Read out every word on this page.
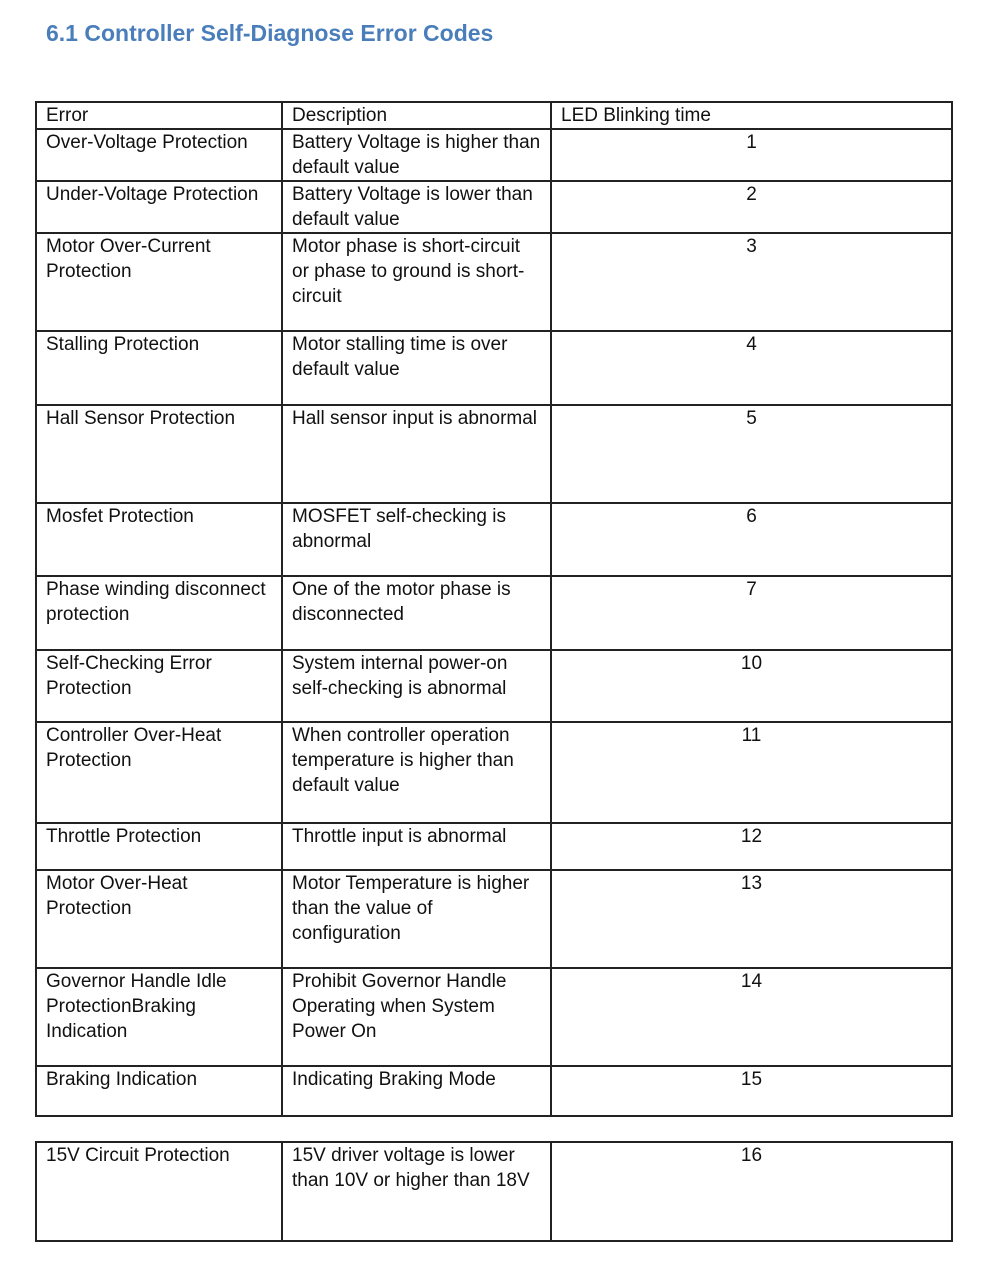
6.1 Controller Self-Diagnose Error Codes
Error	Description	LED Blinking time
Over-Voltage Protection	Battery Voltage is higher than default value	1
Under-Voltage Protection	Battery Voltage is lower than default value	2
Motor Over-Current Protection	Motor phase is short-circuit or phase to ground is short-circuit	3
Stalling Protection	Motor stalling time is over default value	4
Hall Sensor Protection	Hall sensor input is abnormal	5
Mosfet Protection	MOSFET self-checking is abnormal	6
Phase winding disconnect protection	One of the motor phase is disconnected	7
Self-Checking Error Protection	System internal power-on self-checking is abnormal	10
Controller Over-Heat Protection	When controller operation temperature is higher than default value	11
Throttle Protection	Throttle input is abnormal	12
Motor Over-Heat Protection	Motor Temperature is higher than the value of configuration	13
Governor Handle Idle ProtectionBraking Indication	Prohibit Governor Handle Operating when System Power On	14
Braking Indication	Indicating Braking Mode	15
15V Circuit Protection	15V driver voltage is lower than 10V or higher than 18V	16
